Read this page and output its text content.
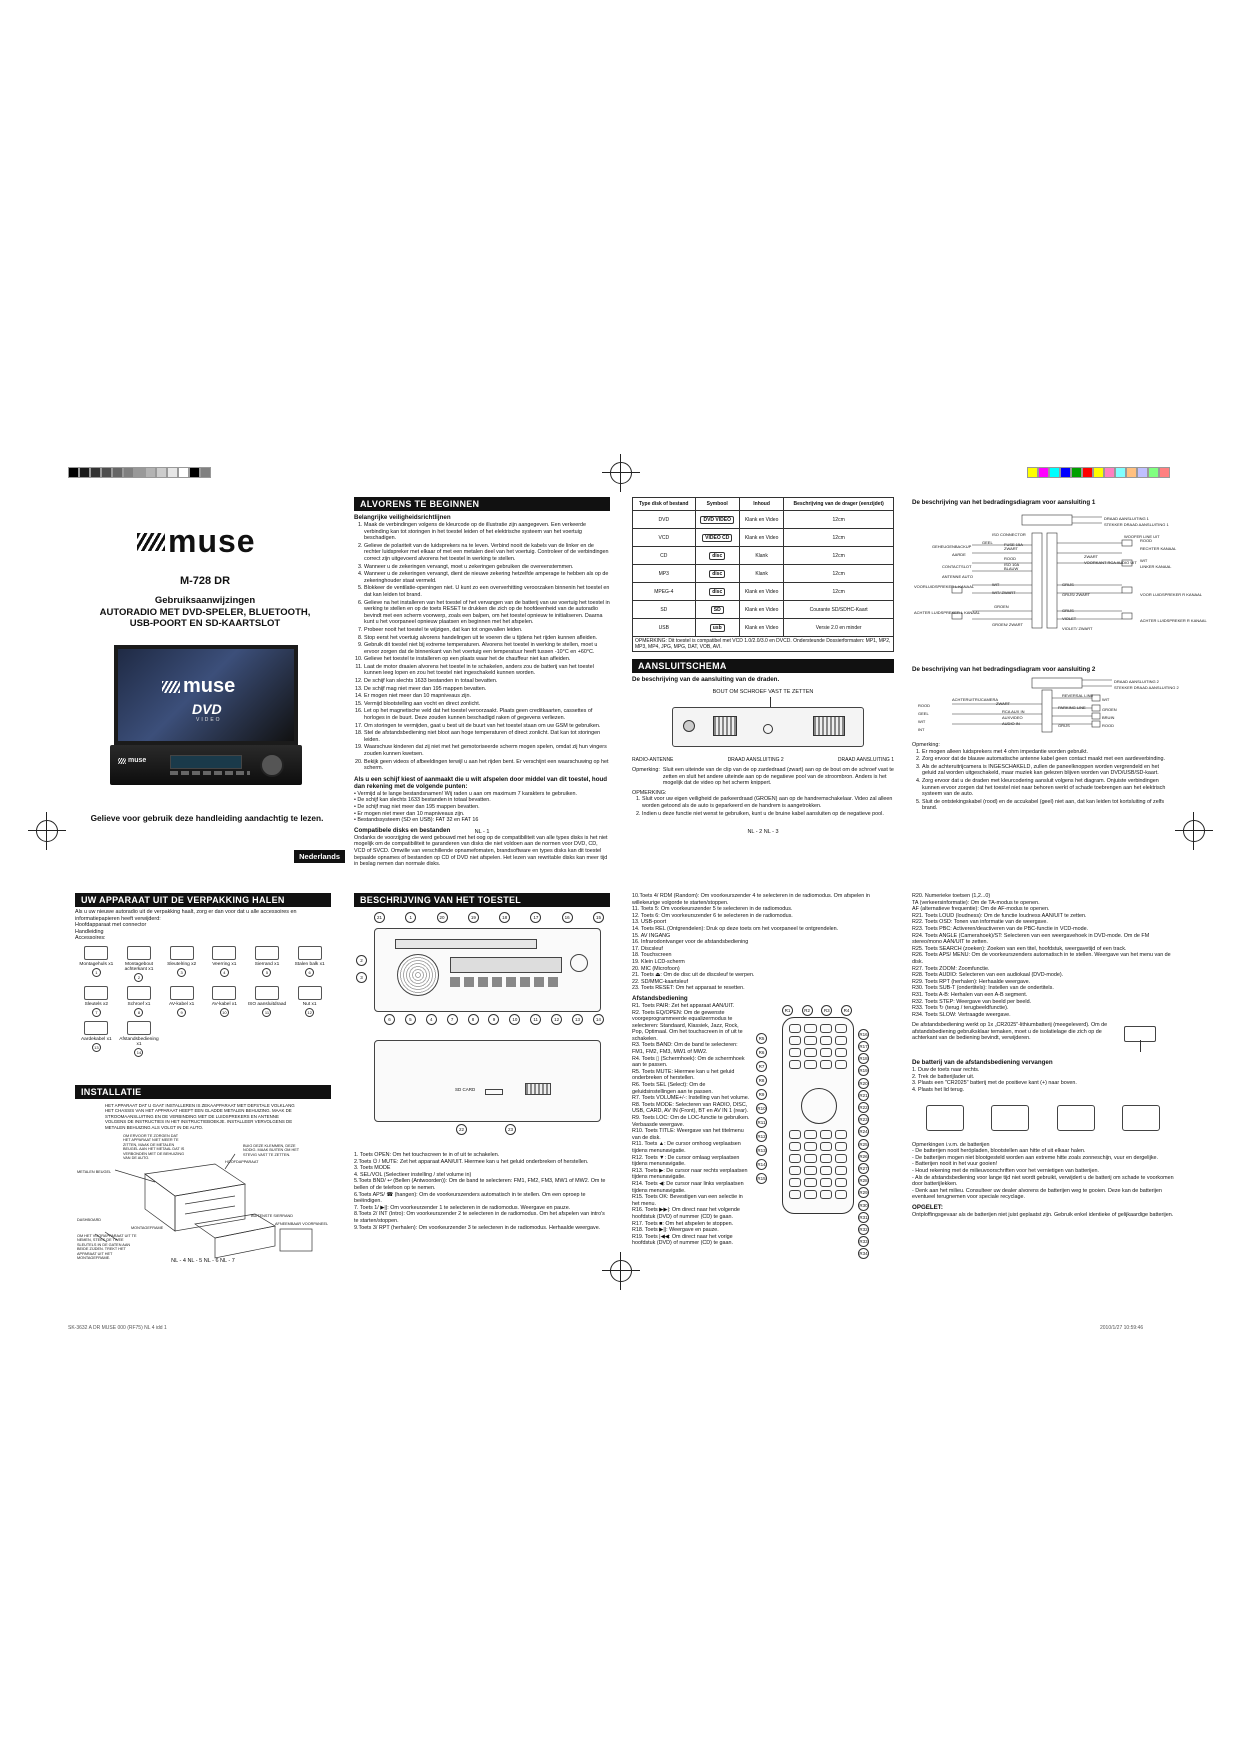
muse
M-728 DR
Gebruiksaanwijzingen
AUTORADIO MET DVD-SPELER, BLUETOOTH,
USB-POORT EN SD-KAARTSLOT
muse
DVD
VIDEO
muse
Gelieve voor gebruik deze handleiding aandachtig te lezen.
Nederlands
ALVORENS TE BEGINNEN
Belangrijke veiligheidsrichtlijnen
1. Maak de verbindingen volgens de kleurcode op de illustratie zijn aangegeven. Een verkeerde verbinding kan tot storingen in het toestel leiden of het elektrische systeem van het voertuig beschadigen.
2. Gelieve de polariteit van de luidsprekers na te leven. Verbind nooit de kabels van de linker en de rechter luidspreker met elkaar of met een metalen deel van het voertuig. Controleer of de verbindingen correct zijn uitgevoerd alvorens het toestel in werking te stellen.
3. Wanneer u de zekeringen vervangt, moet u zekeringen gebruiken die overeenstemmen.
4. Wanneer u de zekeringen vervangt, dient de nieuwe zekering hetzelfde amperage te hebben als op de zekeringhouder staat vermeld.
5. Blokkeer de ventilatie-openingen niet. U kunt zo een oververhitting veroorzaken binnenin het toestel en dat kan leiden tot brand.
6. Gelieve na het installeren van het toestel of het vervangen van de batterij van uw voertuig het toestel in werking te stellen en op de toets RESET te drukken die zich op de hoofdeenheid van de autoradio bevindt met een scherm voorwerp, zoals een balpen, om het toestel opnieuw te initialiseren. Daarna kunt u het voorpaneel opnieuw plaatsen en beginnen met het afspelen.
7. Probeer nooit het toestel te wijzigen, dat kan tot ongevallen leiden.
8. Stop eerst het voertuig alvorens handelingen uit te voeren die u tijdens het rijden kunnen afleiden.
9. Gebruik dit toestel niet bij extreme temperaturen. Alvorens het toestel in werking te stellen, moet u ervoor zorgen dat de binnenkant van het voertuig een temperatuur heeft tussen -10°C en +60°C.
10. Gelieve het toestel te installeren op een plaats waar het de chauffeur niet kan afleiden.
11. Laat de motor draaien alvorens het toestel in te schakelen, anders zou de batterij van het toestel kunnen leeg lopen en zou het toestel niet ingeschakeld kunnen worden.
12. De schijf kan slechts 1633 bestanden in totaal bevatten.
13. De schijf mag niet meer dan 195 mappen bevatten.
14. Er mogen niet meer dan 10 mapniveaus zijn.
15. Vermijd blootstelling aan vocht en direct zonlicht.
16. Let op het magnetische veld dat het toestel veroorzaakt. Plaats geen creditkaarten, cassettes of horloges in de buurt. Deze zouden kunnen beschadigd raken of gegevens verliezen.
17. Om storingen te vermijden, gaat u best uit de buurt van het toestel staan om uw GSM te gebruiken.
18. Stel de afstandsbediening niet bloot aan hoge temperaturen of direct zonlicht. Dat kan tot storingen leiden.
19. Waarschuw kinderen dat zij niet met het gemotoriseerde scherm mogen spelen, omdat zij hun vingers zouden kunnen kwetsen.
20. Bekijk geen videos of afbeeldingen terwijl u aan het rijden bent. Er verschijnt een waarschuwing op het scherm.
Als u een schijf kiest of aanmaakt die u wilt afspelen door middel van dit toestel, houd dan rekening met de volgende punten:
• Vermijd al te lange bestandsnamen! Wij raden u aan om maximum 7 karakters te gebruiken.
• De schijf kan slechts 1633 bestanden in totaal bevatten.
• De schijf mag niet meer dan 195 mappen bevatten.
• Er mogen niet meer dan 10 mapniveaus zijn.
• Bestandssysteem (SD en USB): FAT 32 en FAT 16
Compatibele disks en bestanden
Ondanks de voorzijging die werd gebouwd met het oog op de compatibiliteit van alle types disks is het niet mogelijk om de compatibiliteit te garanderen van disks die niet voldoen aan de normen voor DVD, CD, VCD of SVCD. Omwille van verschillende opnamefomaten, brandsoftware en types disks kan dit toestel bepaalde opnames of bestanden op CD of DVD niet afspelen. Het lezen van rewritable disks kan meer tijd in beslag nemen dan normale disks.
NL - 1
Type disk of bestand	Symbool	Inhoud	Beschrijving van de drager (eenzijdet)
DVD	DVD VIDEO	Klank en Video	12cm
VCD	VIDEO CD	Klank en Video	12cm
CD	disc	Klank	12cm
MP3	disc	Klank	12cm
MPEG-4	disc	Klank en Video	12cm
SD	SD	Klank en Video	Courante SD/SDHC-Kaart
USB	usb	Klank en Video	Versie 2.0 en minder
OPMERKING: Dit toestel is compatibel met VCD 1.0/2.0/3.0 en DVCD. Ondersteunde Dossierformaten: MP1, MP2, MP3, MP4, JPG, MPG, DAT, VOB, AVI.
AANSLUITSCHEMA
De beschrijving van de aansluiting van de draden.
BOUT OM SCHROEF VAST TE ZETTEN
RADIO-ANTENNE	DRAAD AANSLUITING 2	DRAAD AANSLUITING 1
Opmerking: Sluit een uiteinde van de clip van de op zardedraad (zwart) aan op de bout om de schroef vast te zetten en sluit het andere uiteinde aan op de negatieve pool van de stroombron. Anders is het mogelijk dat de video op het scherm knippert.
OPMERKING:
1. Sluit voor uw eigen veiligheid de parkeerdraad (GROEN) aan op de handremschakelaar. Video zal alleen worden getoond als de auto is geparkeerd en de handrem is aangetrokken.
2. Indien u deze functie niet wenst te gebruiken, kunt u de bruine kabel aansluiten op de negatieve pool.
NL - 2 NL - 3
De beschrijving van het bedradingsdiagram voor aansluiting 1
DRAAD AANSLUITING 1
STEKKER DRAAD AANSLUITING 1
ISO CONNECTOR
GEEL
GEHEUGENBACKUP	ZWART
AARDE
ROOD
CONTACTSLOT	BLAUW
ANTENNE AUTO
WIT
VOORLUIDSPREKER L KANAAL
WIT/ ZWART
GROEN
ACHTER LUIDSPREKER L KANAAL
GROEN/ ZWART
GRIJS
ROOD
WOOFER LINE UIT
RECHTER KANAAL
WIT
LINKER KANAAL
GRIJS
VOOR LUIDSPREKER R KANAAL
GRIJS/ ZWART
VIOLET	ACHTER LUIDSPREKER R KANAAL
VIOLET/ ZWART
ZWART
VOORKANT RCA AUDIO UIT
FUSE 15A
ISO 10A
De beschrijving van het bedradingsdiagram voor aansluiting 2
DRAAD AANSLUITING 2
STEKKER DRAAD AANSLUITING 2
REVERSAL LINE
WIT
ACHTERUITRIJCAMERA
ZWART
ROOD
RCA AUX IN
PARKING LINE	GROEN
GEEL
AUXVIDEO
AUDIO IN
WIT
BRUIN
ROOD
GRIJS
INT
Opmerking:
1. Er mogen alleen luidsprekers met 4 ohm impedantie worden gebruikt.
2. Zorg ervoor dat de blauwe automatische antenne kabel geen contact maakt met een aardeverbinding.
3. Als de achteruitrijcamera is INGESCHAKELD, zullen de paneelknoppen worden vergrendeld en het geluid zal worden uitgeschakeld, maar muziek kan gelezen blijven worden van DVD/USB/SD-kaart.
4. Zorg ervoor dat u de draden met kleurcodering aansluit volgens het diagram. Onjuiste verbindingen kunnen ervoor zorgen dat het toestel niet naar behoren werkt of schade toebrengen aan het elektrisch systeem van de auto.
5. Sluit de ontstekingskabel (rood) en de accukabel (geel) niet aan, dat kan leiden tot kortsluiting of zelfs brand.
UW APPARAAT UIT DE VERPAKKING HALEN
Als u uw nieuwe autoradio uit de verpakking haalt, zorg er dan voor dat u alle accessoires en informatiepapieren heeft verwijderd:
Hoofdapparaat met connector
Handleiding
Accessoires:
Montagehuls x1
1
Montagebout achterkant x1
2
Sleutelring x2
3
Veerring x1
4
Sierrand x1
5
Stalen balk x1
6
Sleutels x2
7
Schroef x1
8
AV-kabel x1
9
AV-kabel x1
10
ISO aansluitdraad
11
Nut x1
12
Aardekabel x1
13
Afstandsbediening x1
14
INSTALLATIE
HET APPARAAT DAT U GAAT INSTALLEREN IS ZEKAAPPARAAT MET DEFSTALE VOLKLANG HET CHASSIS VAN HET APPARAAT HEEFT EEN GLADDE METALEN BEHUIZING. MAAK DE STROOMAANSLUITING EN DE VERBINDING MET DE LUIDSPREKERS EN ANTENNE VOLGENS DE INSTRUCTIES IN HET INSTRUCTIEBOEKJE. INSTALLEER VERVOLGENS DE METALEN BEHUIZING ALS VOLGT IN DE AUTO.
METALEN BEUGEL
OM ERVOOR TE ZORGEN DAT HET APPARAAT NIET MEER TE ZITTEN, MAAK DE METALEN BEUGEL AAN HET METAAL DAT IS VERBONDEN MET DE BEHUIZING VAN DE AUTO.
BUIG DEZE KLEMMEN, DEZE NODIG. MAAK BUITEN OM HET STEVIG VAST TE ZETTEN.
HOOFDAPPARAAT
DASHBOARD
MONTAGEFRAME
BUITENSTE SIERRAND
AFNEEMBAAR VOORPANEEL
OM HET VOORAPPARAAT UIT TE NEMEN, STEEK DE TWEE SLEUTELS IN DE GATEN AAN BEIDE ZIJDEN. TREKT HET APPARAAT UIT HET MONTAGEFRAME.	NL - 4 NL - 5 NL - 6 NL - 7
BESCHRIJVING VAN HET TOESTEL
21	1	20	19	18	17	16	15
2
3
6	5	4	7	8	9	10	11	12	13	14
SD CARD
22	23
1. Toets OPEN: Om het touchscreen te in of uit te schakelen.
2.Toets ⏻ / MUTE: Zet het apparaat AAN/UIT. Hiermee kan u het geluid onderbreken of herstellen.
3. Toets MODE
4. SEL/VOL (Selectieer instelling / stel volume in)
5.Toets BND/ ↩ (Bellen (Antwoorden)): Om de band te selecteren: FM1, FM2, FM3, MW1 of MW2. Om te bellen of de telefoon op te nemen.
6.Toets APS/ ☎ (hangen): Om de voorkeurszenders automatisch in te stellen. Om een oproep te beëindigen.
7. Toets 1/ ▶||: Om voorkeurzender 1 te selecteren in de radiomodus. Weergave en pauze.
8.Toets 2/ INT (Intro): Om voorkeurszender 2 te selecteren in de radiomodus. Om het afspelen van intro's te starten/stoppen.
9.Toets 3/ RPT (herhalen): Om voorkeurzender 3 te selecteren in de radiomodus. Herhaalde weergave.
10.Toets 4/ RDM (Random): Om voorkeurszender 4 te selecteren in de radiomodus. Om afspelen in willekeurige volgorde te starten/stoppen.
11. Toets 5: Om voorkeurszender 5 te selecteren in de radiomodus.
12. Toets 6: Om voorkeurszender 6 te selecteren in de radiomodus.
13. USB-poort
14. Toets REL (Ontgrendelen): Druk op deze toets om het voorpaneel te ontgrendelen.
15. AV INGANG
16. Infrarodontvanger voor de afstandsbediening
17. Discsleuf
18. Touchscreen
19. Klein LCD-scherm
20. MIC (Microfoon)
21. Toets ⏏: Om de disc uit de discsleuf te werpen.
22. SD/MMC-kaartsleuf
23. Toets RESET: Om het apparaat te resetten.
Afstandsbediening
R1. Toets PAIR: Zet het apparaat AAN/UIT.
R2. Toets EQ/OPEN: Om de gewenste voorgeprogrammeerde equalizermodus te selecteren: Standaard, Klassiek, Jazz, Rock, Pop, Optimaal. Om het touchscreen in of uit te schakelen.
R3. Toets BAND: Om de band te selecteren: FM1, FM2, FM3, MW1 of MW2.
R4. Toets ▯ (Schermhoek): Om de schermhoek aan te passen.
R5. Toets MUTE: Hiermee kan u het geluid onderbreken of herstellen.
R6. Toets SEL (Select): Om de geluidsinstellingen aan te passen.
R7. Toets VOLUME+/-: Instelling van het volume.
R8. Toets MODE: Selecteren van RADIO, DISC, USB, CARD, AV IN (Front), BT en AV IN 1 (rear).
R9. Toets LOC: Om de LOC-functie te gebruiken. Verbaasde weergave.
R10. Toets TITLE: Weergave van het titelmenu van de disk.
R11. Toets ▲: De cursor omhoog verplaatsen tijdens menunavigatie.
R12. Toets ▼: De cursor omlaag verplaatsen tijdens menunavigatie.
R13. Toets ▶: De cursor naar rechts verplaatsen tijdens menunavigatie.
R14. Toets ◀: De cursor naar links verplaatsen tijdens menunavigatie.
R15. Toets OK: Bevestigen van een selectie in het menu.
R16. Toets ▶▶|: Om direct naar het volgende hoofdstuk (DVD) of nummer (CD) te gaan.
R17. Toets ■: Om het afspelen te stoppen.
R18. Toets ▶||: Weergave en pauze.
R19. Toets |◀◀: Om direct naar het vorige hoofdstuk (DVD) of nummer (CD) te gaan.
R1	R2	R3	R4
R5
R6
R7
R8
R9
R10
R11
R12
R13
R14
R15
R16
R17
R18
R19
R20
R21
R22
R23
R24
R25
R26
R27
R28
R29
R30
R31
R32
R33
R34
R20. Numerieke toetsen (1,2...0)
TA (verkeersinformatie): Om de TA-modus te openen.
AF (alternatieve frequentie): Om de AF-modus te openen.
R21. Toets LOUD (loudness): Om de functie loudness AAN/UIT te zetten.
R22. Toets OSD: Tonen van informatie van de weergave.
R23. Toets PBC: Activeren/deactiveren van de PBC-functie in VCD-mode.
R24. Toets ANGLE (Camerahoek)/ST: Selecteren van een weergavehoek in DVD-mode. Om de FM stereo/mono AAN/UIT te zetten.
R25. Toets SEARCH (zoeken): Zoeken van een titel, hoofdstuk, weergavetijd of een track.
R26. Toets APS/ MENU: Om de voorkeurszenders automatisch in te stellen. Weergave van het menu van de disk.
R27. Toets ZOOM: Zoomfunctie.
R28. Toets AUDIO: Selecteren van een audiokaal (DVD-mode).
R29. Toets RPT (herhalen): Herhaalde weergave.
R30. Toets SUB-T (ondertitels): Instellen van de ondertitels.
R31. Toets A-B: Herhalen van een A-B segment.
R32. Toets STEP: Weergave van beeld per beeld.
R33. Toets ↻ (terug / terugbeeldfunctie).
R34. Toets SLOW: Vertraagde weergave.
De afstandsbediening werkt op 1x „CR2025"-lithiumbatterij (meegeleverd). Om de afstandsbediening gebruiksklaar temaken, moet u de isolatielage die zich op de achterkant van de bediening bevindt, verwijderen.
De batterij van de afstandsbediening vervangen
1. Duw de toets naar rechts.
2. Trek de batterijlader uit.
3. Plaats een "CR2025" batterij met de positieve kant (+) naar boven.
4. Plaats het lid terug.
Opmerkingen i.v.m. de batterijen
- De batterijen nooit herópladen, blootstellen aan hitte of uit elkaar halen.
- De batterijen mogen niet blootgesteld worden aan extreme hitte zoals zonneschijn, vuur en dergelijke.
- Batterijen nooit in het vuur gooien!
- Houd rekening met de milieuvoorschriften voor het vernietigen van batterijen.
- Als de afstandsbediening voor lange tijd niet wordt gebruikt, verwijdert u de batterij om schade te voorkomen door batterijlekken.
- Denk aan het milieu. Consulteer uw dealer alvorens de batterijen weg te gooien. Deze kan de batterijen eventueel terugnemen voor speciale recyclage.
OPGELET:
Ontploffingsgevaar als de batterijen niet juist geplaatst zijn. Gebruik enkel identieke of gelijkaardige batterijen.
SK-3632 A DR MUSE 000 (RF75) NL 4 idd 1	2010/1/27 10:59:46
